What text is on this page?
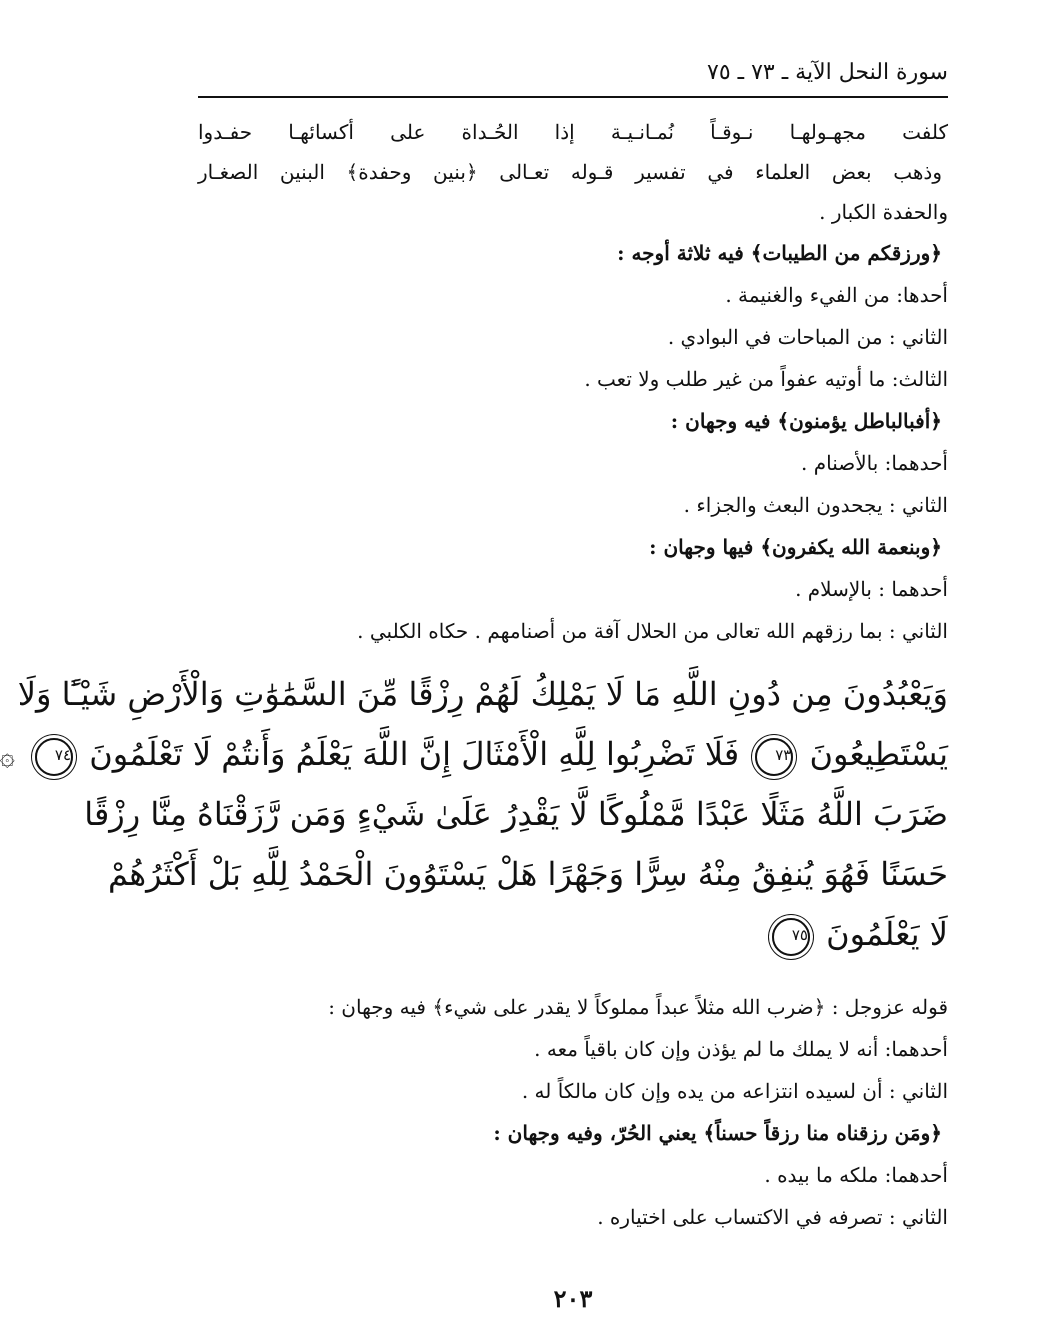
سورة النحل الآية ـ ٧٣ ـ ٧٥
كلفت مجهـولهـا نـوقـاً نُمـانـيـة إذا الحُـداة على أكسائهـا حفـدوا
وذهب بعض العلماء في تفسير قـوله تعـالى ﴿بنين وحفدة﴾ البنين الصغـار
والحفدة الكبار .
﴿ورزقكم من الطيبات﴾ فيه ثلاثة أوجه :
أحدها: من الفيء والغنيمة .
الثاني : من المباحات في البوادي .
الثالث: ما أوتيه عفواً من غير طلب ولا تعب .
﴿أفبالباطل يؤمنون﴾ فيه وجهان :
أحدهما: بالأصنام .
الثاني : يجحدون البعث والجزاء .
﴿وبنعمة الله يكفرون﴾ فيها وجهان :
أحدهما : بالإسلام .
الثاني : بما رزقهم الله تعالى من الحلال آفة من أصنامهم . حكاه الكلبي .
وَيَعْبُدُونَ مِن دُونِ اللَّهِ مَا لَا يَمْلِكُ لَهُمْ رِزْقًا مِّنَ السَّمَٰوَٰتِ وَالْأَرْضِ شَيْـًٔا وَلَا
يَسْتَطِيعُونَ ٧٣ فَلَا تَضْرِبُوا لِلَّهِ الْأَمْثَالَ إِنَّ اللَّهَ يَعْلَمُ وَأَنتُمْ لَا تَعْلَمُونَ ٧٤ ۞
ضَرَبَ اللَّهُ مَثَلًا عَبْدًا مَّمْلُوكًا لَّا يَقْدِرُ عَلَىٰ شَيْءٍ وَمَن رَّزَقْنَاهُ مِنَّا رِزْقًا
حَسَنًا فَهُوَ يُنفِقُ مِنْهُ سِرًّا وَجَهْرًا هَلْ يَسْتَوُونَ الْحَمْدُ لِلَّهِ بَلْ أَكْثَرُهُمْ
لَا يَعْلَمُونَ ٧٥
قوله عزوجل : ﴿ضرب الله مثلاً عبداً مملوكاً لا يقدر على شيء﴾ فيه وجهان :
أحدهما: أنه لا يملك ما لم يؤذن وإن كان باقياً معه .
الثاني : أن لسيده انتزاعه من يده وإن كان مالكاً له .
﴿ومَن رزقناه منا رزقاً حسناً﴾ يعني الحُرّ، وفيه وجهان :
أحدهما: ملكه ما بيده .
الثاني : تصرفه في الاكتساب على اختياره .
٢٠٣
